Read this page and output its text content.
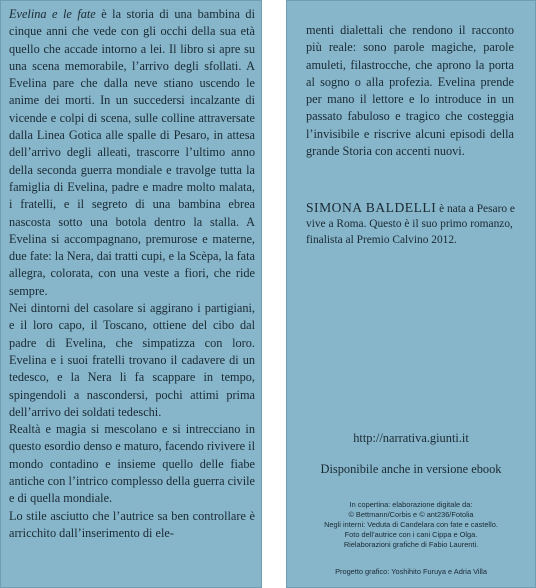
Evelina e le fate è la storia di una bambina di cinque anni che vede con gli occhi della sua età quello che accade intorno a lei. Il libro si apre su una scena memorabile, l’arrivo degli sfollati. A Evelina pare che dalla neve stiano uscendo le anime dei morti. In un succedersi incalzante di vicende e colpi di scena, sulle colline attraversate dalla Linea Gotica alle spalle di Pesaro, in attesa dell’arrivo degli alleati, trascorre l’ultimo anno della seconda guerra mondiale e travolge tutta la famiglia di Evelina, padre e madre molto malata, i fratelli, e il segreto di una bambina ebrea nascosta sotto una botola dentro la stalla. A Evelina si accompagnano, premurose e materne, due fate: la Nera, dai tratti cupi, e la Scèpa, la fata allegra, colorata, con una veste a fiori, che ride sempre.

Nei dintorni del casolare si aggirano i partigiani, e il loro capo, il Toscano, ottiene del cibo dal padre di Evelina, che simpatizza con loro. Evelina e i suoi fratelli trovano il cadavere di un tedesco, e la Nera li fa scappare in tempo, spingendoli a nascondersi, pochi attimi prima dell’arrivo dei soldati tedeschi.

Realtà e magia si mescolano e si intrecciano in questo esordio denso e maturo, facendo rivivere il mondo contadino e insieme quello delle fiabe antiche con l’intrico complesso della guerra civile e di quella mondiale.

Lo stile asciutto che l’autrice sa ben controllare è arricchito dall’inserimento di ele-

menti dialettali che rendono il racconto più reale: sono parole magiche, parole amuleti, filastrocche, che aprono la porta al sogno o alla profezia. Evelina prende per mano il lettore e lo introduce in un passato fabuloso e tragico che costeggia l’invisibile e riscrive alcuni episodi della grande Storia con accenti nuovi.

SIMONA BALDELLI è nata a Pesaro e vive a Roma. Questo è il suo primo romanzo, finalista al Premio Calvino 2012.
http://narrativa.giunti.it
Disponibile anche in versione ebook
In copertina: elaborazione digitale da:
© Bettmann/Corbis e © ant236/Fotolia
Negli interni: Veduta di Candelara con fate e castello.
Foto dell’autrice con i cani Cippa e Olga.
Rielaborazioni grafiche di Fabio Laurenti.
Progetto grafico: Yoshihito Furuya e Adria Villa
